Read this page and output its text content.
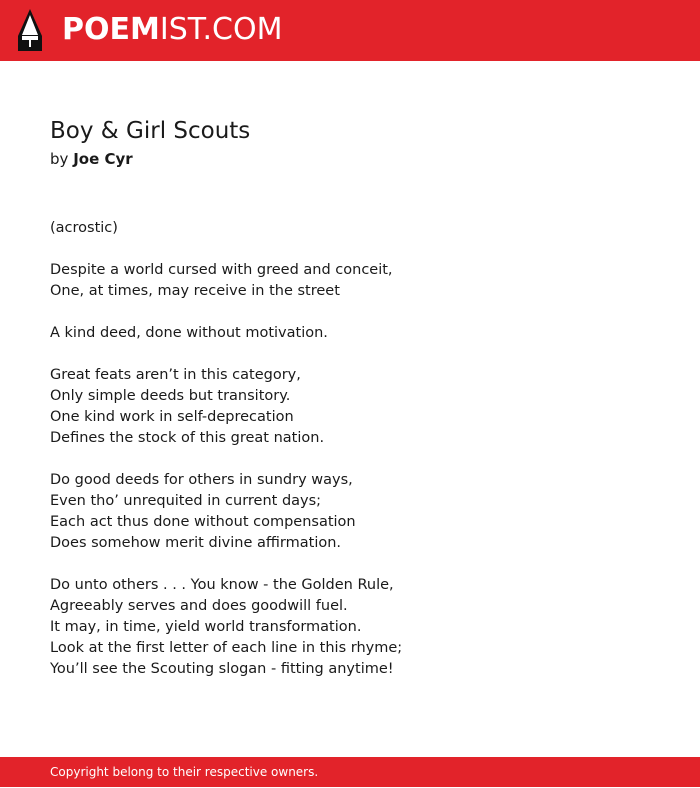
POEMIST.COM
Boy & Girl Scouts

by Joe Cyr

(acrostic)
Despite a world cursed with greed and conceit,
One, at times, may receive in the street
A kind deed, done without motivation.
Great feats aren’t in this category,
Only simple deeds but transitory.
One kind work in self-deprecation
Defines the stock of this great nation.
Do good deeds for others in sundry ways,
Even tho’ unrequited in current days;
Each act thus done without compensation
Does somehow merit divine affirmation.
Do unto others . . . You know - the Golden Rule,
Agreeably serves and does goodwill fuel.
It may, in time, yield world transformation.
Look at the first letter of each line in this rhyme;
You’ll see the Scouting slogan - fitting anytime!
Copyright belong to their respective owners.
